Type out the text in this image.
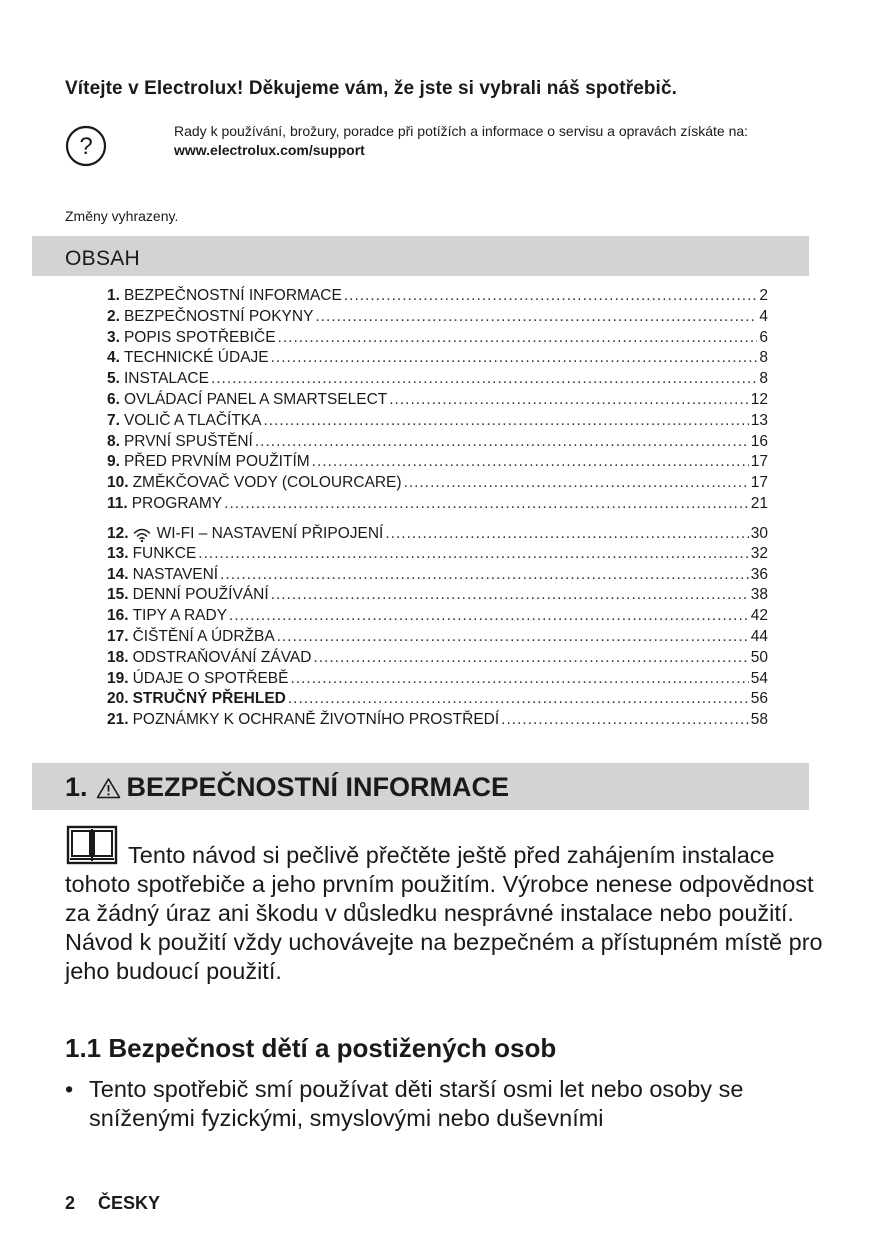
Vítejte v Electrolux! Děkujeme vám, že jste si vybrali náš spotřebič.
?
Rady k používání, brožury, poradce při potížích a informace o servisu a opravách získáte na:
www.electrolux.com/support
Změny vyhrazeny.
OBSAH
1. BEZPEČNOSTNÍ INFORMACE .....	2
2. BEZPEČNOSTNÍ POKYNY .....	4
3. POPIS SPOTŘEBIČE .....	6
4. TECHNICKÉ ÚDAJE .....	8
5. INSTALACE .....	8
6. OVLÁDACÍ PANEL A SMARTSELECT .....	12
7. VOLIČ A TLAČÍTKA .....	13
8. PRVNÍ SPUŠTĚNÍ .....	16
9. PŘED PRVNÍM POUŽITÍM .....	17
10. ZMĚKČOVAČ VODY (COLOURCARE) .....	17
11. PROGRAMY .....	21
12. WI-FI – NASTAVENÍ PŘIPOJENÍ .....	30
13. FUNKCE .....	32
14. NASTAVENÍ .....	36
15. DENNÍ POUŽÍVÁNÍ .....	38
16. TIPY A RADY .....	42
17. ČIŠTĚNÍ A ÚDRŽBA .....	44
18. ODSTRAŇOVÁNÍ ZÁVAD .....	50
19. ÚDAJE O SPOTŘEBĚ .....	54
20. STRUČNÝ PŘEHLED .....	56
21. POZNÁMKY K OCHRANĚ ŽIVOTNÍHO PROSTŘEDÍ .....	58
1. BEZPEČNOSTNÍ INFORMACE

Tento návod si pečlivě přečtěte ještě před zahájením instalace tohoto spotřebiče a jeho prvním použitím. Výrobce nenese odpovědnost za žádný úraz ani škodu v důsledku nesprávné instalace nebo použití. Návod k použití vždy uchovávejte na bezpečném a přístupném místě pro jeho budoucí použití.

1.1 Bezpečnost dětí a postižených osob
• Tento spotřebič smí používat děti starší osmi let nebo osoby se sníženými fyzickými, smyslovými nebo duševními
2 ČESKY
